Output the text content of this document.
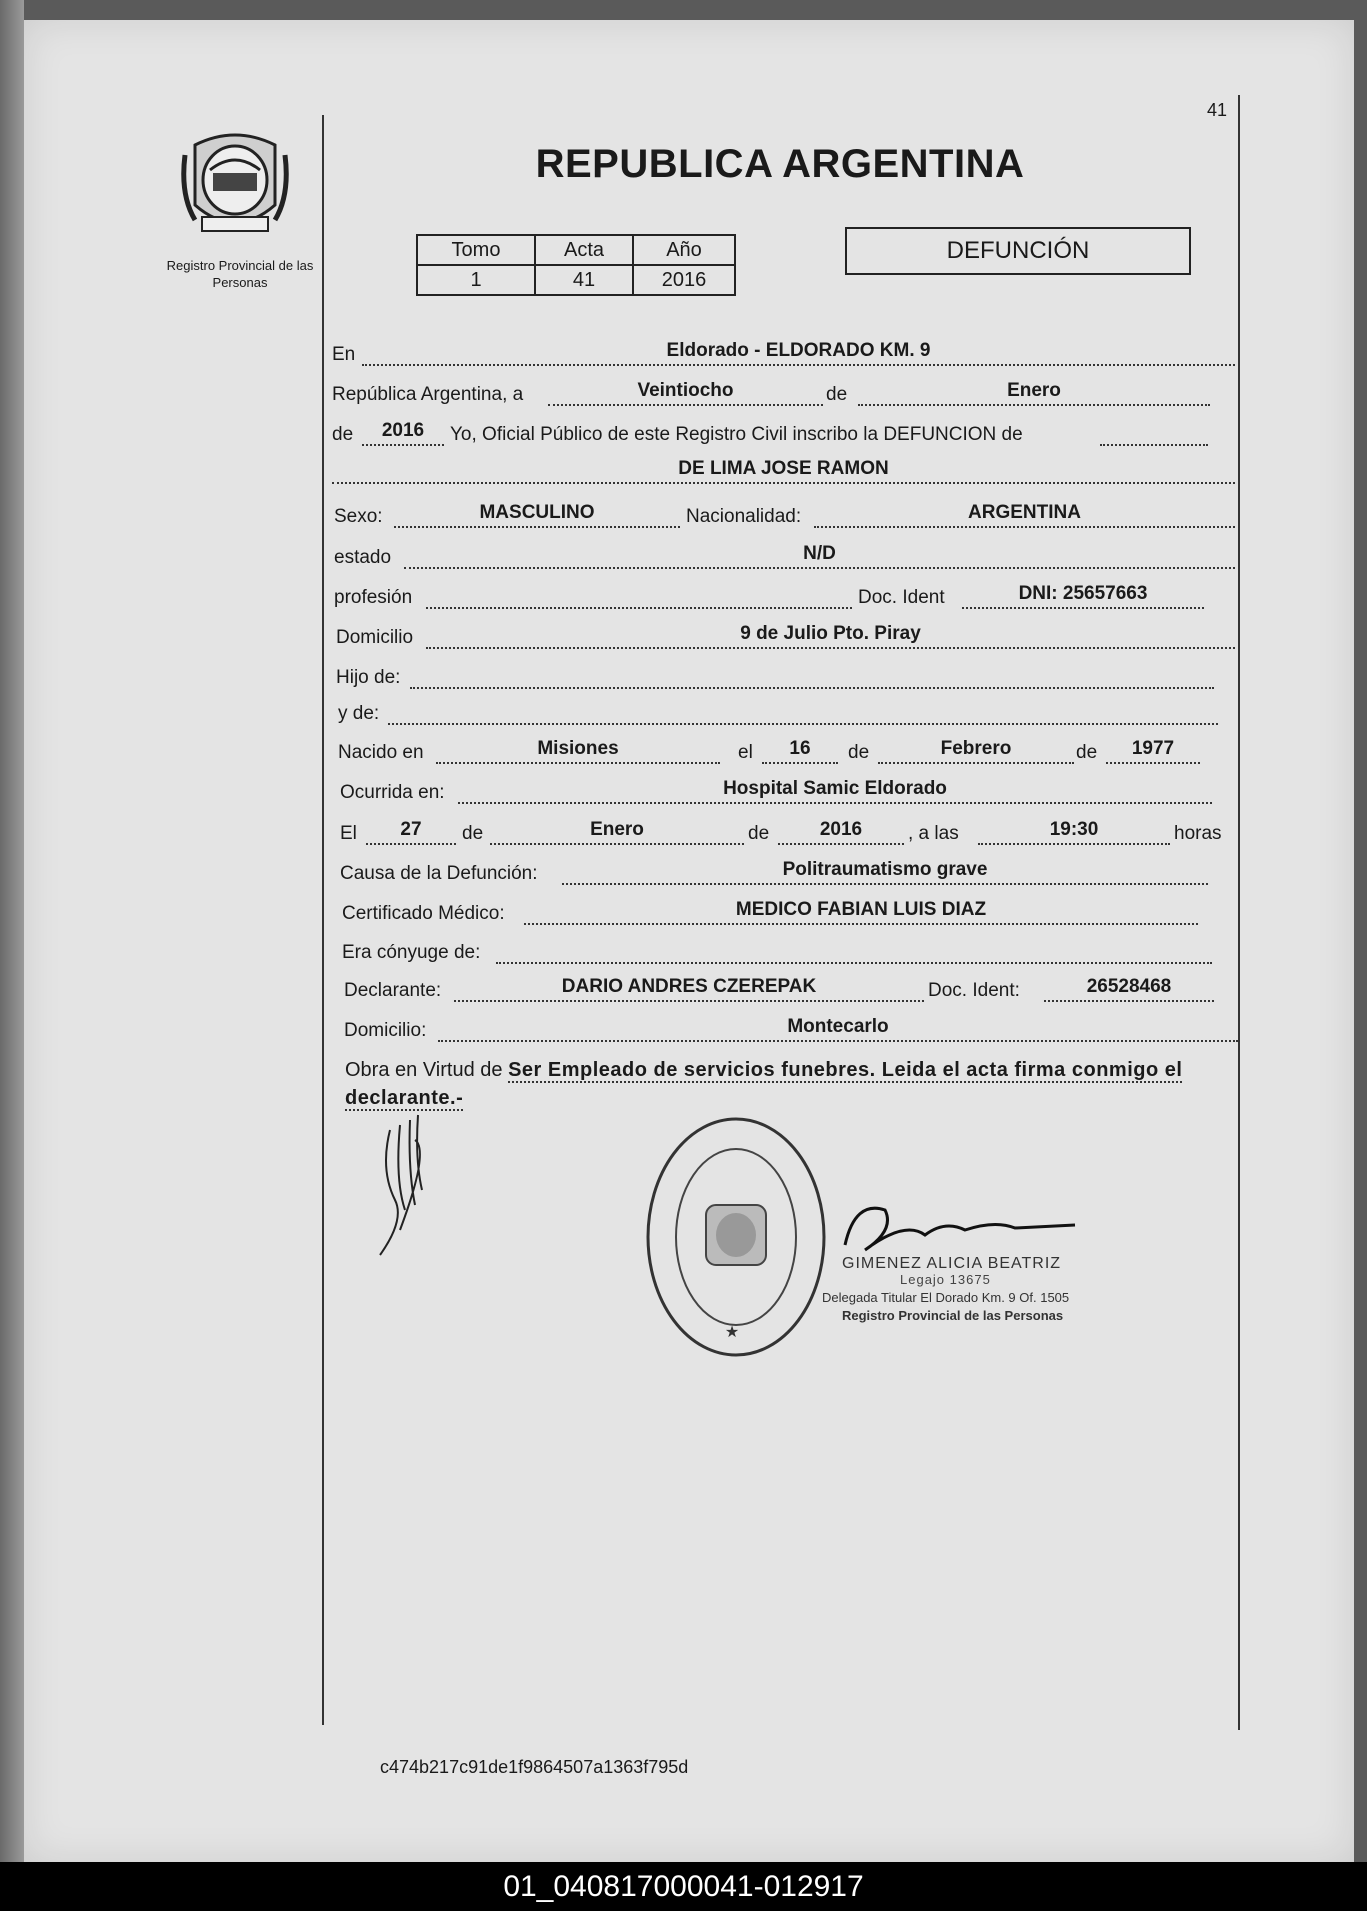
41
Registro Provincial de las Personas
REPUBLICA ARGENTINA
Tomo	Acta	Año
1	41	2016
DEFUNCIÓN
En	Eldorado - ELDORADO KM. 9
República Argentina, a	Veintiocho	de	Enero
de	2016	Yo, Oficial Público de este Registro Civil inscribo la DEFUNCION de
DE LIMA JOSE RAMON
Sexo:	MASCULINO	Nacionalidad:	ARGENTINA
estado	N/D
profesión	Doc. Ident	DNI: 25657663
Domicilio	9 de Julio Pto. Piray
Hijo de:
y de:
Nacido en	Misiones	el	16	de	Febrero	de	1977
Ocurrida en:	Hospital Samic Eldorado
El	27	de	Enero	de	2016	, a las	19:30	horas
Causa de la Defunción:	Politraumatismo grave
Certificado Médico:	MEDICO FABIAN LUIS DIAZ
Era cónyuge de:
Declarante:	DARIO ANDRES CZEREPAK	Doc. Ident:	26528468
Domicilio:	Montecarlo
Obra en Virtud de Ser Empleado de servicios funebres. Leida el acta firma conmigo el declarante.-
★
GIMENEZ ALICIA BEATRIZ
Legajo 13675
Delegada Titular El Dorado Km. 9 Of. 1505
Registro Provincial de las Personas
c474b217c91de1f9864507a1363f795d
01_040817000041-012917
